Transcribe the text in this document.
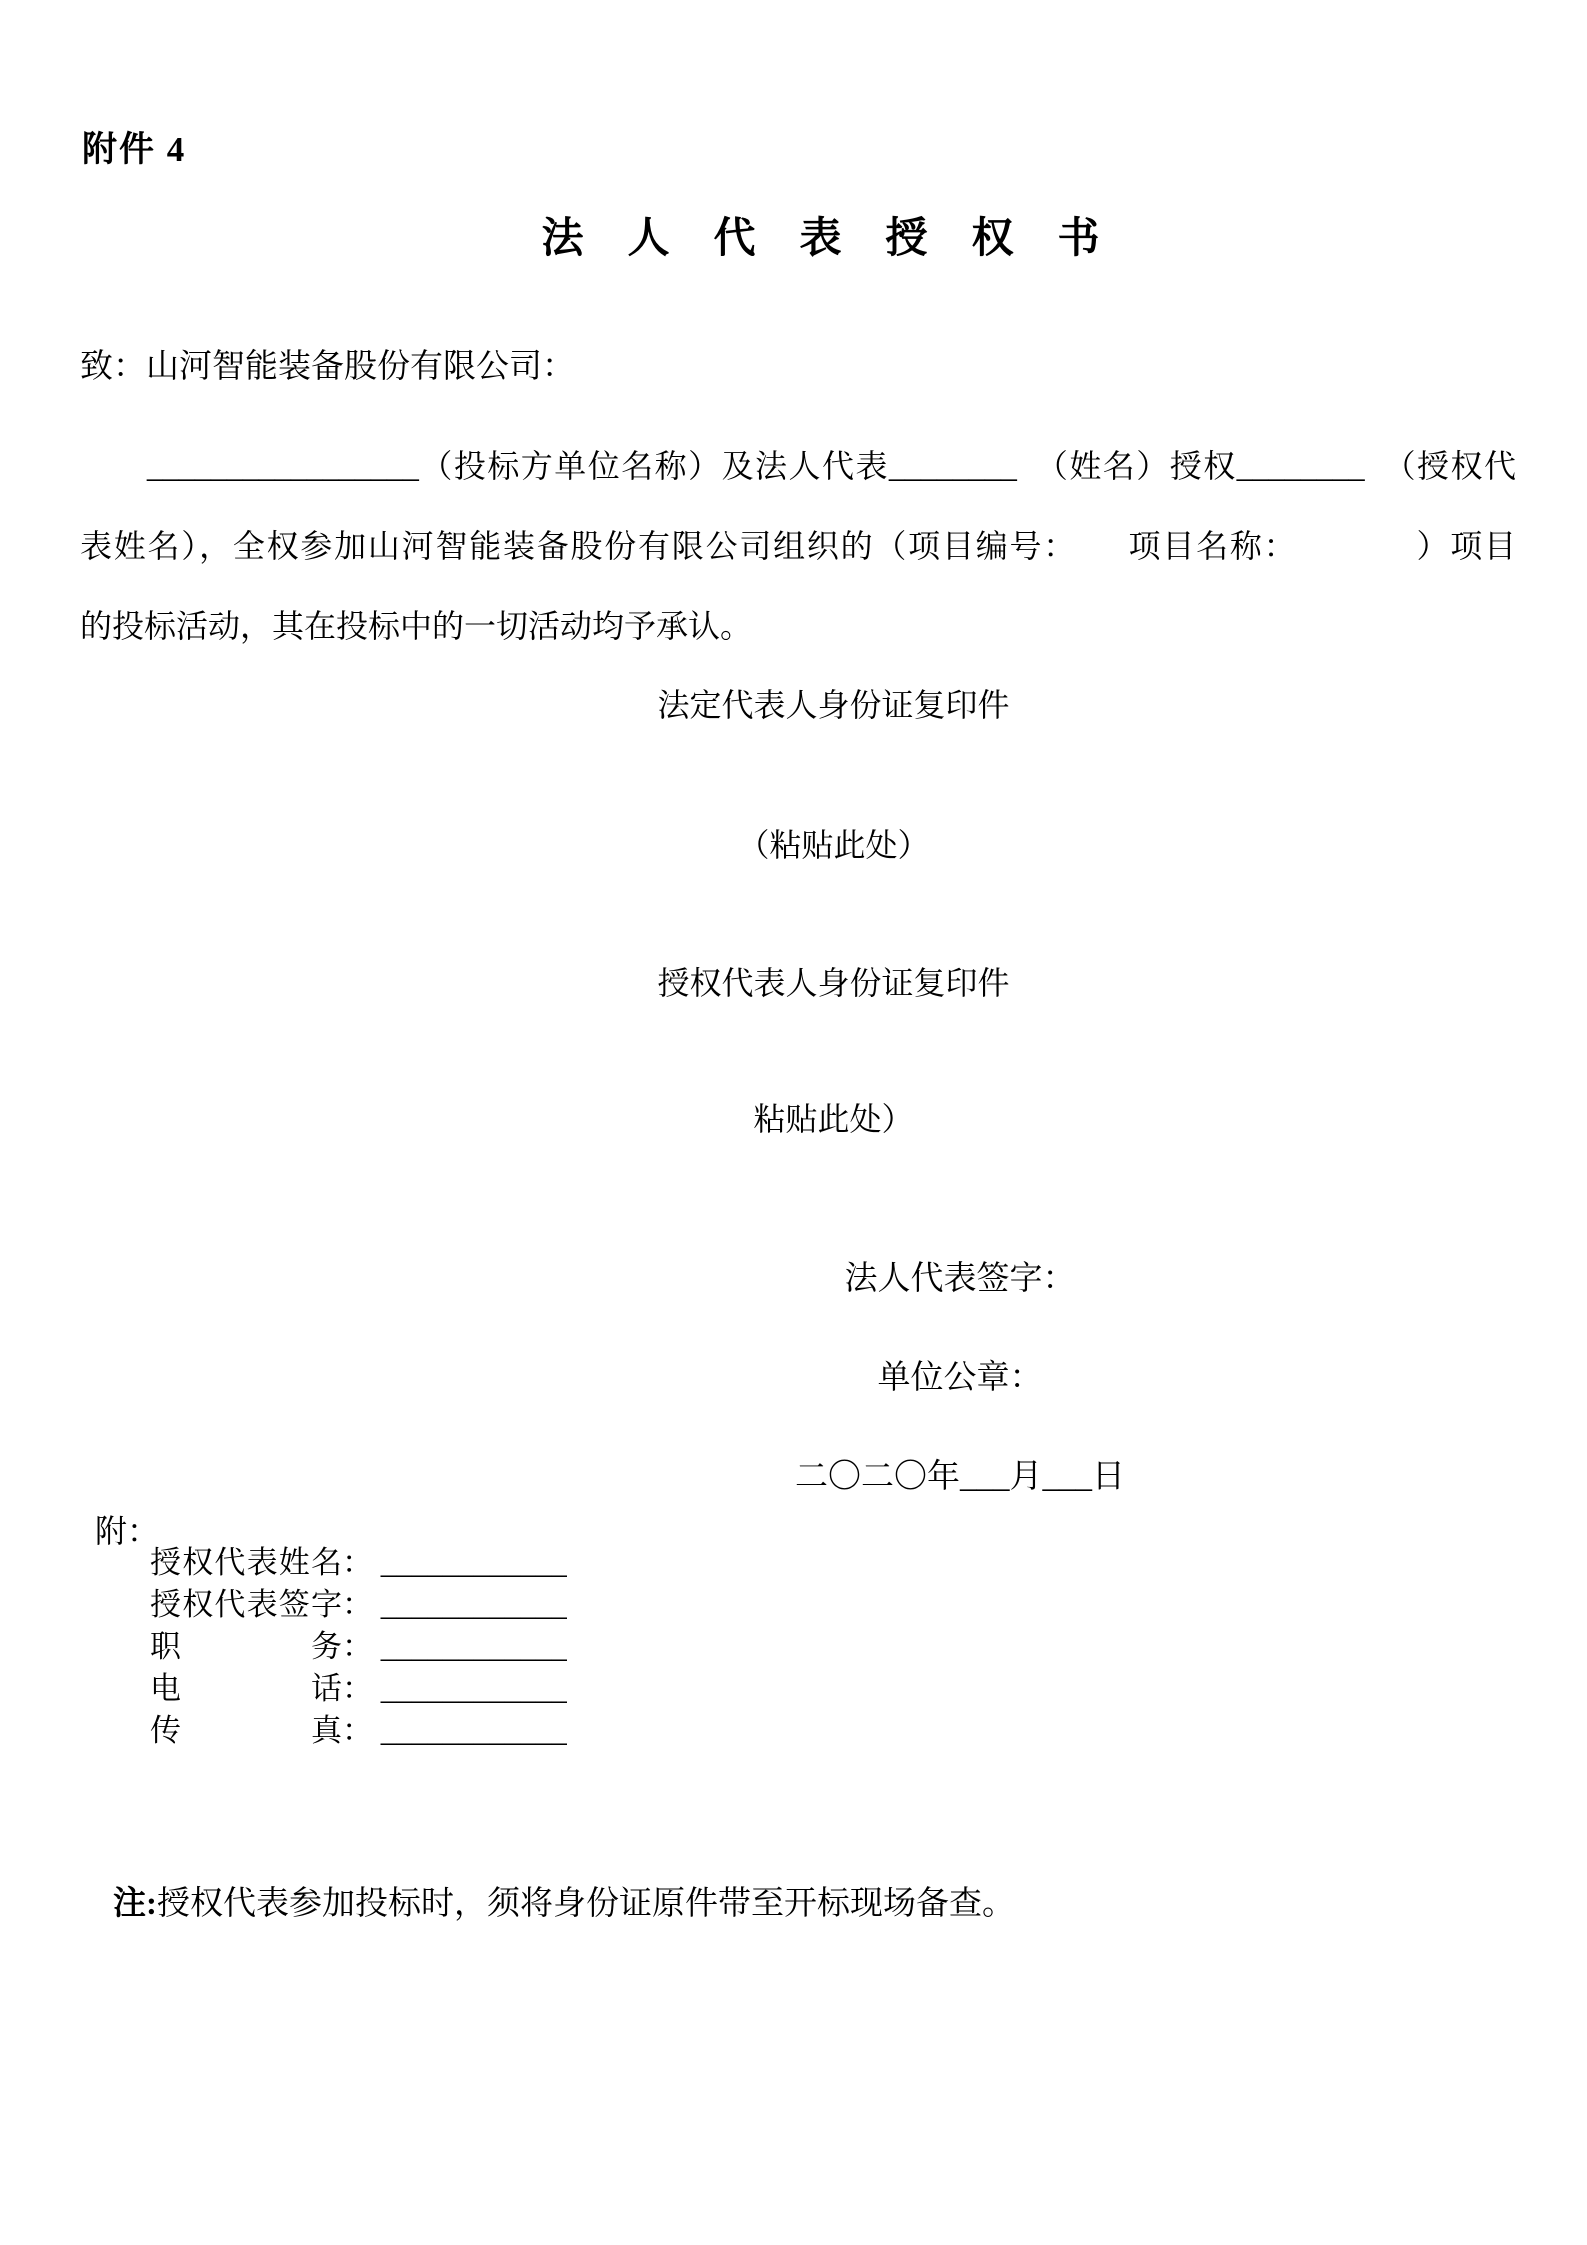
附件 4
法人代表授权书
致：山河智能装备股份有限公司：
　　_________________（投标方单位名称）及法人代表________　（姓名）授权________　（授权代
表姓名），全权参加山河智能装备股份有限公司组织的（项目编号：　　项目名称：　　　　）项目
的投标活动，其在投标中的一切活动均予承认。
法定代表人身份证复印件
（粘贴此处）
授权代表人身份证复印件
粘贴此处）
法人代表签字：
单位公章：
二〇二〇年___月___日
附：
授权代表姓名： ____________
授权代表签字： ____________
职务： ____________
电话： ____________
传真： ____________

注:授权代表参加投标时，须将身份证原件带至开标现场备查。
